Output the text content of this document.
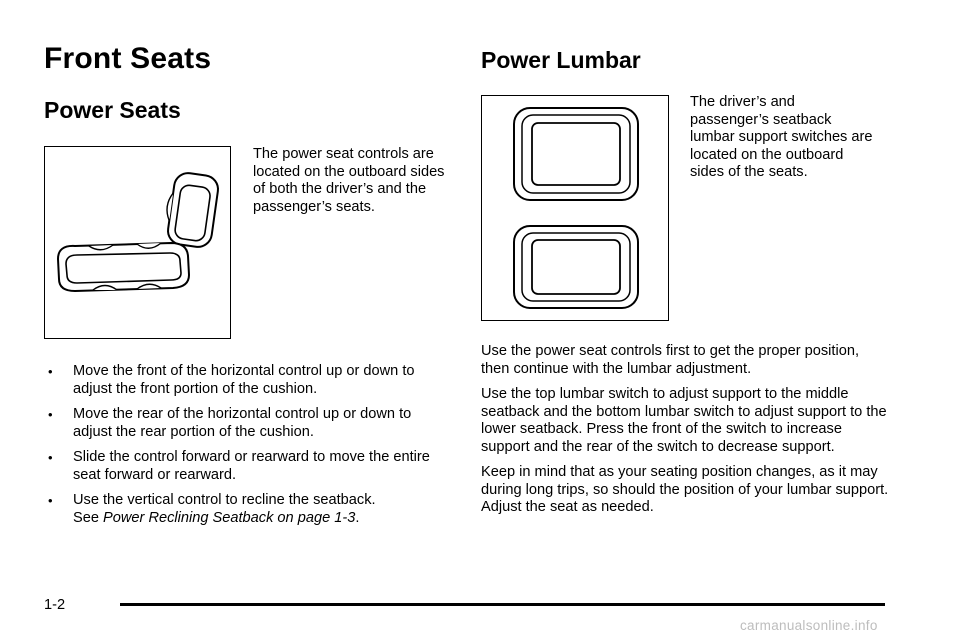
Front Seats
Power Seats
The power seat controls are located on the outboard sides of both the driver’s and the passenger’s seats.
• Move the front of the horizontal control up or down to adjust the front portion of the cushion.
• Move the rear of the horizontal control up or down to adjust the rear portion of the cushion.
• Slide the control forward or rearward to move the entire seat forward or rearward.
• Use the vertical control to recline the seatback.
See Power Reclining Seatback on page 1-3.
Power Lumbar
The driver’s and passenger’s seatback lumbar support switches are located on the outboard sides of the seats.

Use the power seat controls first to get the proper position, then continue with the lumbar adjustment.

Use the top lumbar switch to adjust support to the middle seatback and the bottom lumbar switch to adjust support to the lower seatback. Press the front of the switch to increase support and the rear of the switch to decrease support.

Keep in mind that as your seating position changes, as it may during long trips, so should the position of your lumbar support. Adjust the seat as needed.

1-2
carmanualsonline.info
